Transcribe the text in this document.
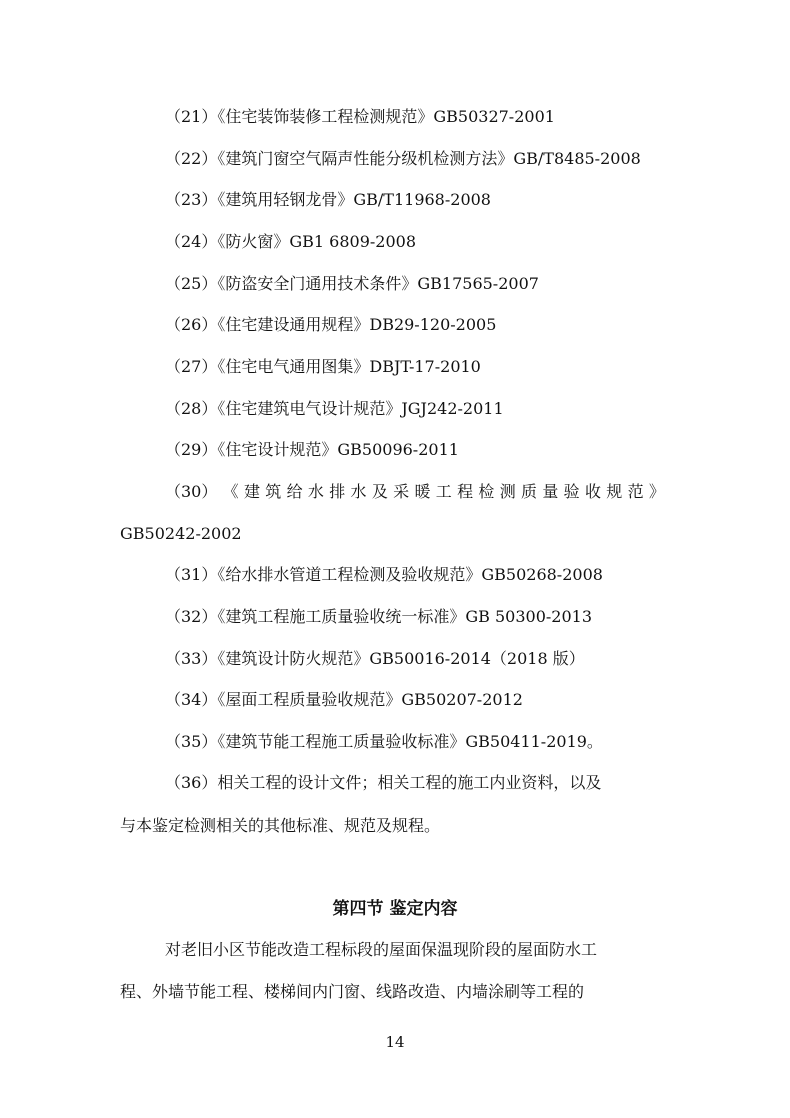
（21）《住宅装饰装修工程检测规范》GB50327-2001
（22）《建筑门窗空气隔声性能分级机检测方法》GB/T8485-2008
（23）《建筑用轻钢龙骨》GB/T11968-2008
（24）《防火窗》GB1 6809-2008
（25）《防盗安全门通用技术条件》GB17565-2007
（26）《住宅建设通用规程》DB29-120-2005
（27）《住宅电气通用图集》DBJT-17-2010
（28）《住宅建筑电气设计规范》JGJ242-2011
（29）《住宅设计规范》GB50096-2011
（30） 《 建 筑 给 水 排 水 及 采 暖 工 程 检 测 质 量 验 收 规 范 》
GB50242-2002
（31）《给水排水管道工程检测及验收规范》GB50268-2008
（32）《建筑工程施工质量验收统一标准》GB 50300-2013
（33）《建筑设计防火规范》GB50016-2014（2018 版）
（34）《屋面工程质量验收规范》GB50207-2012
（35）《建筑节能工程施工质量验收标准》GB50411-2019。
（36）相关工程的设计文件；相关工程的施工内业资料，以及
与本鉴定检测相关的其他标准、规范及规程。
第四节 鉴定内容
对老旧小区节能改造工程标段的屋面保温现阶段的屋面防水工
程、外墙节能工程、楼梯间内门窗、线路改造、内墙涂刷等工程的
14
